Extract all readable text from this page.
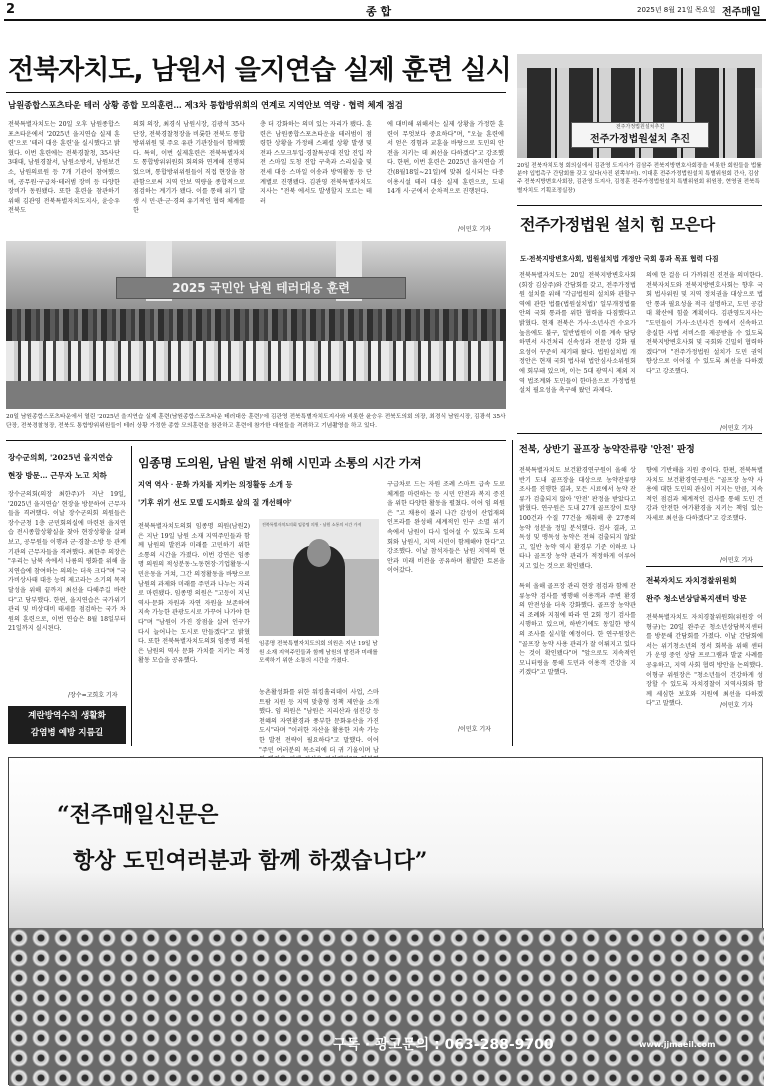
2	종 합	2025년 8월 21일 목요일 전주매일
전북자치도, 남원서 을지연습 실제 훈련 실시
남원종합스포츠타운 테러 상황 종합 모의훈련… 제3차 통합방위회의 연계로 지역안보 역량 · 협력 체계 점검
전북특별자치도는 20일 오후 남원종합스포츠타운에서 '2025년 을지연습 실제 훈련'으로 '테러 대응 훈련'을 실시했다고 밝혔다. 이번 훈련에는 전북경찰청, 35사단 3대대, 남원경찰서, 남원소방서, 남원보건소, 남원의료원 등 7개 기관이 참여했으며, 공무원·구급차·테러범 장비 등 다양한 장비가 동원됐다. 또한 훈련을 참관하기 위해 김관영 전북특별자치도지사, 윤승우 전북도
의회 의장, 최경식 남원시장, 김광석 35사단장, 전북경찰청장을 비롯한 전북도 통합방위위원 및 주요 유관 기관장들이 함께했다. 특히, 이번 실제훈련은 전북특별자치도 통합방위위원회 회의와 연계해 진행되었으며, 통합방위위원들이 직접 현장을 참관함으로써 지역 안보 역량을 종합적으로 점검하는 계기가 됐다. 이를 통해 위기 발생 시 민·관·군·경의 유기적인 협력 체계를 한
층 더 강화하는 의미 있는 자리가 됐다. 훈련은 남원종합스포츠타운을 테러범이 점령한 상황을 가정해 스페셜 상황 발생 및 전파 스모크투입·경찰특공대 진압 진입 작전 스마일 도청 진압 구축과 스리실출 및 전세 대응 스마일 이송과 방역활동 등 단계별로 진행됐다. 김관영 전북특별자치도지사는 "전북 에서도 발생할지 모르는 테러
에 대비해 위해서는 실제 상황을 가정한 훈련이 무엇보다 중요하다"며, "오늘 훈련에서 얻은 경험과 교훈을 바탕으로 도민의 안전을 지키는 데 최선을 다하겠다"고 강조했다. 한편, 이번 훈련은 2025년 을지연습 기간(8월18일~21일)에 맞춰 실시되는 다중이용시설 테러 대응 실제 훈련으로, 도내 14개 시·군에서 순차적으로 진행된다.
/이민호 기자
2025 국민안 남원 테러대응 훈련
20일 남원종합스포츠타운에서 열린 '2025년 을지연습 실제 훈련(남원종합스포츠타운 테러대응 훈련)'에 김관영 전북특별자치도지사와 비롯한 윤승우 전북도의회 의장, 최경식 남원시장, 김광석 35사단장, 전북경찰청장, 전북도 통합방위위원들이 테러 상황 가정한 종합 모의훈련을 참관하고 훈련에 참가한 대원들을 격려하고 기념촬영을 하고 있다.
전주가정법원설치추진
전주가정법원설치 추진
20일 전북자치도청 회의실에서 김관영 도지사가 김삼주 전북지방변호사회장을 비롯한 회원들을 법률 분야 입법촉구 간담회를 갖고 있다(사진 왼쪽부터). 이대훈 전주가정법원설치 특별위원회 간사, 김삼주 전북지방변호사회장, 김관영 도지사, 김정훈 전주가정법원설치 특별위원회 위원장, 현영권 전북특별자치도 기획조정실장)
전주가정법원 설치 힘 모은다
도·전북지방변호사회, 법원설치법 개정안 국회 통과 목표 협력 다짐
전북특별자치도는 20일 전북지방변호사회(회장 김삼주)와 간담회를 갖고, 전주가정법원 설치를 위해 '각급법원의 설치와 관할구역에 관한 법률(법원설치법)' 일부개정법률안의 국회 통과를 위한 협력을 다짐했다고 밝혔다. 현재 전북은 가사·소년사건 수요가 높음에도 불구, 일반법원이 이를 계속 담당하면서 사건처리 신속성과 전문성 강화 필요성이 꾸준히 제기돼 왔다. 법원설치법 개정안은 현재 국회 법사위 법안심사소위원회에 회부돼 있으며, 이는 5대 광역시 제외 지역 법조계와 도민들이 한마음으로 가정법원 설치 필요성을 촉구해 왔던 과제다.
의에 한 걸음 더 가까워진 진전을 의미한다. 전북자치도와 전북지방변호사회는 향후 국회 법사위원 및 지역 정치권을 대상으로 법안 통과 필요성을 적극 설명하고, 도민 공감대 확산에 힘쓸 계획이다. 김관영도지사는 "도민들이 가사·소년사건 등에서 신속하고 충실한 사법 서비스를 제공받을 수 있도록 전북지방변호사회 및 국회와 긴밀히 협력하겠다"며 "전주가정법원 설치가 도민 권익 향상으로 이어질 수 있도록 최선을 다하겠다"고 강조했다.
/이민호 기자
전북, 상반기 골프장 농약잔류량 '안전' 판정
전북특별자치도 보건환경연구원이 올해 상반기 도내 골프장을 대상으로 농약잔류량 조사를 진행한 결과, 모든 시료에서 농약 잔류가 검출되지 않아 '안전' 판정을 받았다고 밝혔다. 연구원은 도내 27개 골프장이 토양 100건과 수질 77건을 채취해 총 27종의 농약 성분을 정밀 분석했다. 검사 결과, 고독성 및 맹독성 농약은 전혀 검출되지 않았고, 일반 농약 역시 환경부 기준 이하로 나타나 골프장 농약 관리가 적정하게 이루어지고 있는 것으로 확인됐다.
특히 올해 골프장 관리 현장 점검과 함께 잔류농약 검사를 병행해 이용객과 주변 환경의 안전성을 더욱 강화했다. 골프장 농약관리 조례와 지침에 따라 연 2회 정기 검사를 시행하고 있으며, 하반기에도 동일한 방식의 조사를 실시할 예정이다. 한 연구원장은 "골프장 농약 사용 관리가 잘 이뤄지고 있다는 것이 확인됐다"며 "앞으로도 지속적인 모니터링을 통해 도민과 이용객 건강을 지키겠다"고 말했다.
향에 기반해을 지원 중이다. 한편, 전북특별자치도 보건환경연구원은 "골프장 농약 사용에 대한 도민의 관심이 커지는 만큼, 지속적인 점검과 체계적인 검사를 통해 도민 건강과 안전한 여가환경을 지키는 책임 있는 자세로 최선을 다하겠다"고 강조했다.
/이민호 기자
전북자치도 자치경찰위원회
완주 청소년상담복지센터 방문
전북특별자치도 자치경찰위원회(위원장 이형규)는 20일 완주군 청소년상담복지센터를 방문해 간담회를 가졌다. 이날 간담회에서는 위기청소년의 정서 회복을 위해 센터가 운영 중인 상담 프로그램과 발굴 사례를 공유하고, 지역 사회 협력 방안을 논의했다. 이형규 위원장은 "청소년들이 건강하게 성장할 수 있도록 자치경찰이 지역사회와 함께 세심한 보호와 지원에 최선을 다하겠다"고 말했다.	/이민호 기자
장수군의회, '2025년 을지연습
현장 방문… 근무자 노고 치하
장수군의회(의장 최한주)가 지난 19일, '2025년 을지연습' 현장을 방문하여 근무자들을 격려했다. 이날 장수군의회 의원들은 장수군청 1층 군민회의실에 마련된 을지연습 전시종합상황실을 찾아 현장상황을 살펴보고, 공무원들 이행과 군·경찰·소방 등 관계기관의 근무자들을 격려했다. 최한주 의장은 "우리는 남북 속에서 나름의 평화를 위해 을지연습에 참여하는 의의는 더욱 크다"며 "국가비상사태 대응 능력 제고라는 소기의 목적 달성을 위해 끝까지 최선을 다해주길 바란다"고 당부했다. 한편, 을지연습은 국가위기관리 및 비상대비 태세를 점검하는 국가 차원의 훈련으로, 이번 연습은 8월 18일부터 21일까지 실시된다.
/장수=고희호 기자
계란방역수칙 생활화
감염병 예방 지름길
임종명 도의원, 남원 발전 위해 시민과 소통의 시간 가져
지역 역사 · 문화 가치를 지키는 의정활동 소개 등
'기후 위기 선도 모델 도시화로 살의 질 개선해야'
전북특별자치도의회 임종명 의원(남원2)은 지난 19일 남원 소재 지역주민들과 함께 남원의 발전과 미래를 고민하기 위한 소통의 시간을 가졌다. 이번 강연은 임종명 의원의 적성분동·노동현장·기업활동·시민운동을 거쳐, 그간 의정활동을 바탕으로 남원의 과제와 미래를 주민과 나누는 자리로 마련됐다. 임종명 의원은 "고등이 지닌 역사·문화 자원과 자연 자원을 보존하여 지속 가능한 관광도시로 가꾸어 나가야 한다"며 "남원이 가진 장점을 살려 인구가 다시 늘어나는 도시로 만들겠다"고 밝혔다. 또한 전북특별자치도의회 임종명 의원은 남원의 역사 문화 가치를 지키는 의정활동 모습을 공유했다.
구급차로 드는 자원 조례 스마트 급속 도로 체계를 마련하는 등 시민 안전과 복지 증진을 위한 다양한 활동을 펼쳤다. 이어 임 의원은 "고 채용이 불러 나간 감성이 산업재의 인프라를 완성해 세계적인 인구 소멸 위기 속에서 남원이 다시 일어설 수 있도록 도의회와 남원시, 지역 시민이 함께해야 한다"고 강조했다. 이날 참석자들은 남원 지역의 현안과 미래 비전을 공유하며 활발한 토론을 이어갔다.
전북특별자치도의회 임종명 의원 - 남원 소통의 시간 가져
임종명 전북특별자치도의회 의원은 지난 19일 남원 소재 지역주민들과 함께 남원의 발전과 미래를 모색하기 위한 소통의 시간을 가졌다.
농촌활성화를 위한 워킹홀리데이 사업, 스마트팜 지원 등 지역 맞춤형 정책 제안을 소개했다. 임 의원은 "남원은 지리산과 섬진강 등 천혜의 자연환경과 풍부한 문화유산을 가진 도시"라며 "이러한 자산을 활용한 지속 가능한 발전 전략이 필요하다"고 말했다. 이어 "주민 여러분의 목소리에 더 귀 기울이며 남
/이민호 기자
“전주매일신문은
항상 도민여러분과 함께 하겠습니다”
구독 · 광고문의 : 063-288-9700	www.jjmaeil.com
